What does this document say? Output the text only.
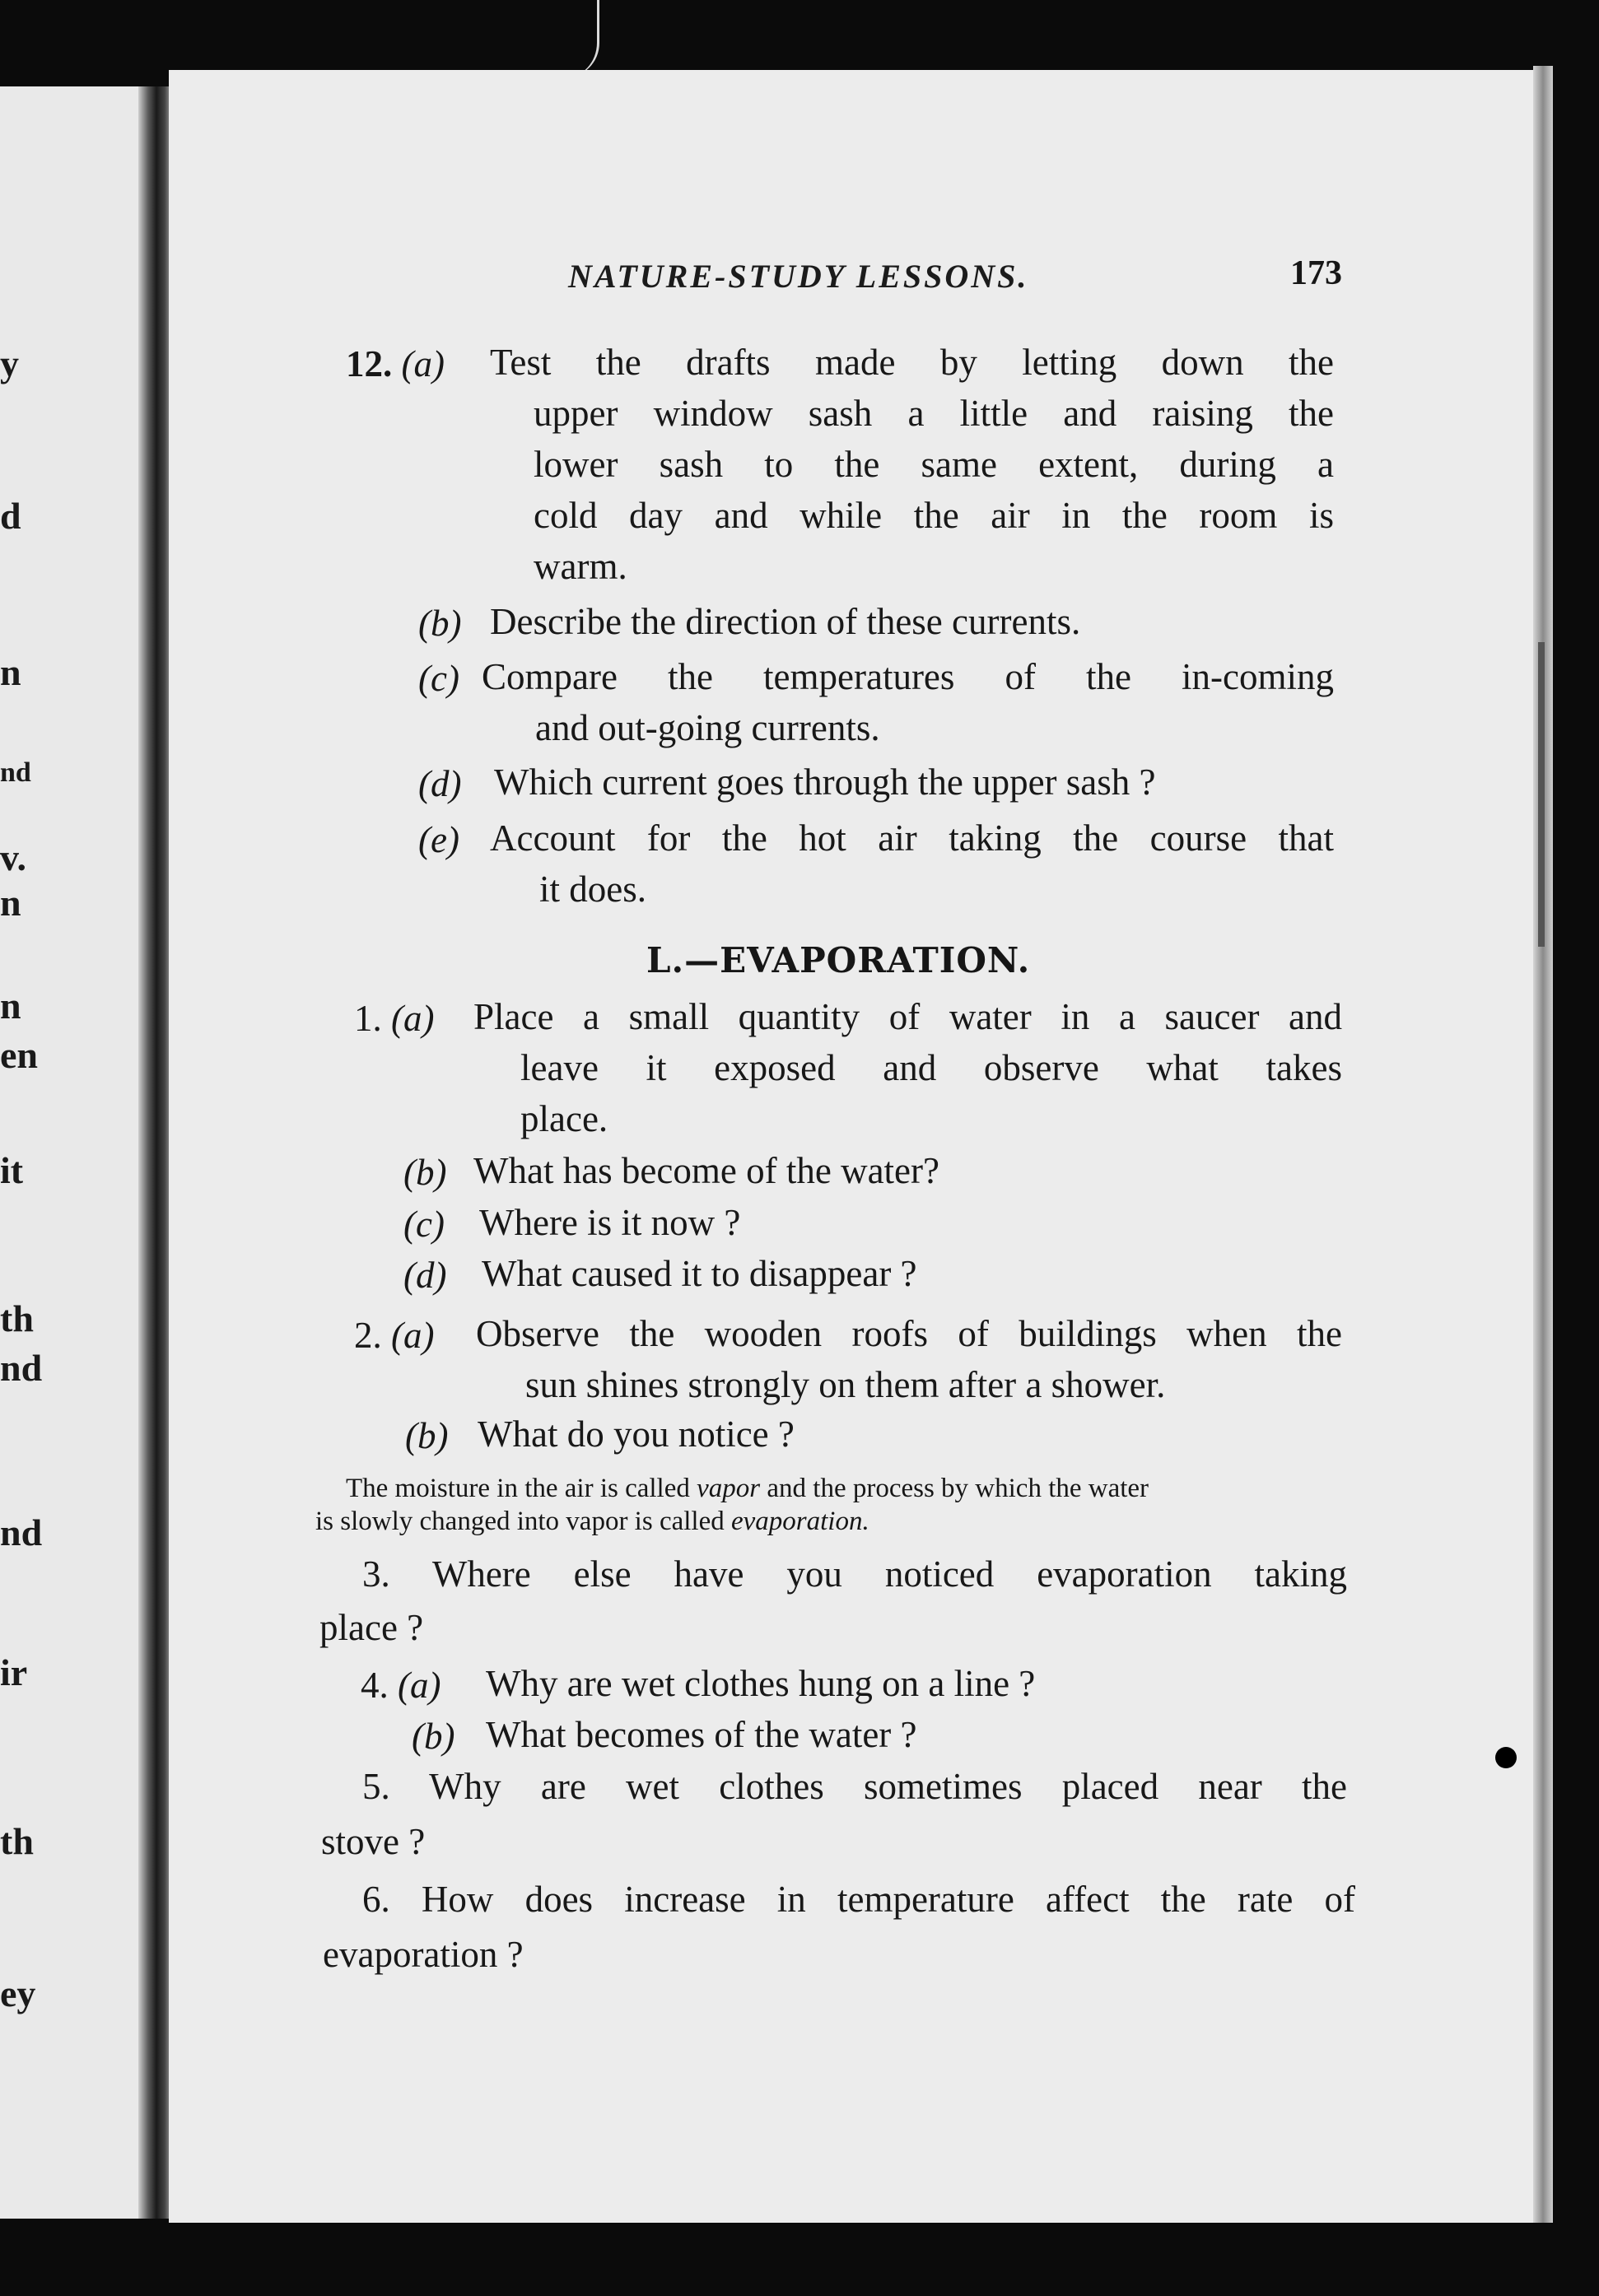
y
d
n
nd
v.
n
n
en
it
th
nd
nd
ir
th
ey
NATURE-STUDY LESSONS.	173
12. (a) Test the drafts made by letting down the
upper window sash a little and raising the
lower sash to the same extent, during a
cold day and while the air in the room is
warm.
(b) Describe the direction of these currents.
(c) Compare the temperatures of the in-coming
and out-going currents.
(d) Which current goes through the upper sash ?
(e) Account for the hot air taking the course that
it does.
L.—EVAPORATION.
1. (a) Place a small quantity of water in a saucer and
leave it exposed and observe what takes
place.
(b) What has become of the water?
(c) Where is it now ?
(d) What caused it to disappear ?
2. (a) Observe the wooden roofs of buildings when the
sun shines strongly on them after a shower.
(b) What do you notice ?
The moisture in the air is called vapor and the process by which the water
is slowly changed into vapor is called evaporation.
3. Where else have you noticed evaporation taking
place ?
4. (a) Why are wet clothes hung on a line ?
(b) What becomes of the water ?
5. Why are wet clothes sometimes placed near the
stove ?
6. How does increase in temperature affect the rate of
evaporation ?
